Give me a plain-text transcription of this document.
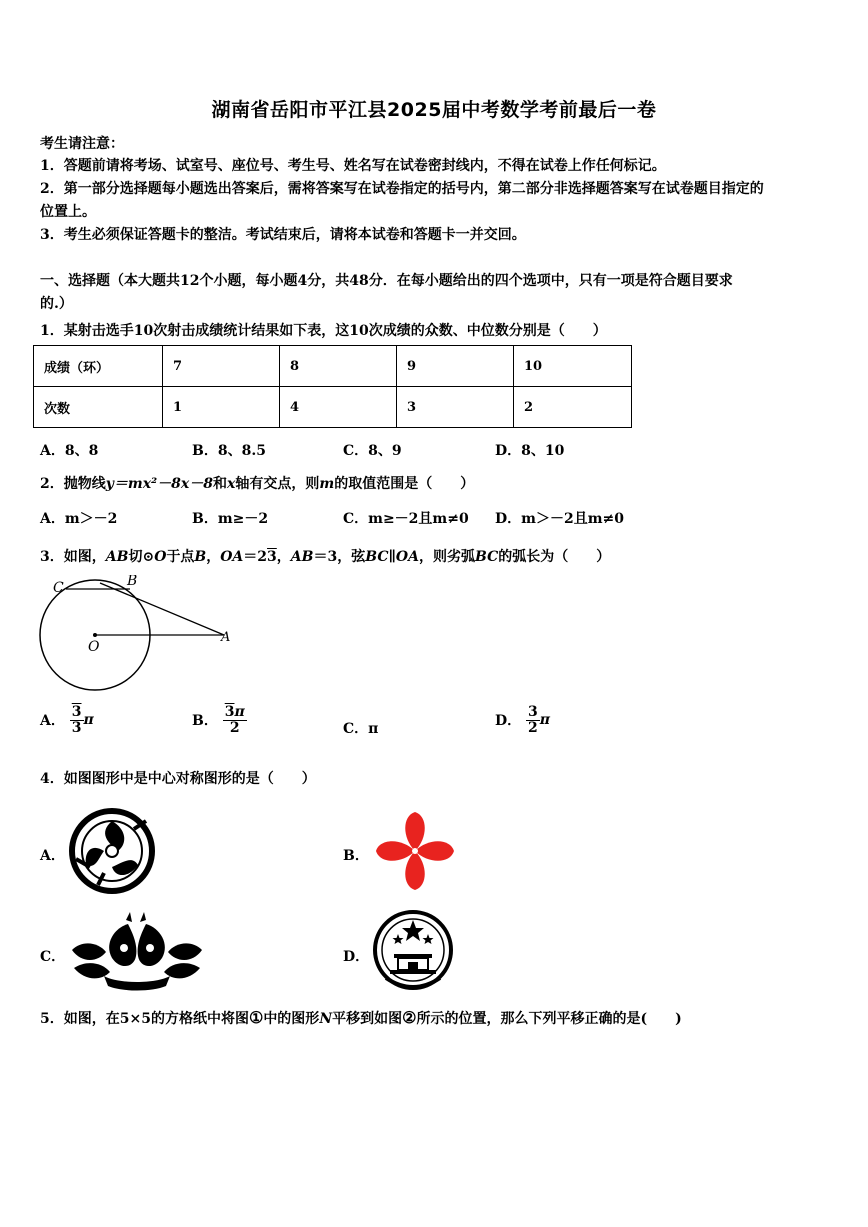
湖南省岳阳市平江县2025届中考数学考前最后一卷
考生请注意：
1．答题前请将考场、试室号、座位号、考生号、姓名写在试卷密封线内，不得在试卷上作任何标记。
2．第一部分选择题每小题选出答案后，需将答案写在试卷指定的括号内，第二部分非选择题答案写在试卷题目指定的
位置上。
3．考生必须保证答题卡的整洁。考试结束后，请将本试卷和答题卡一并交回。
一、选择题（本大题共12个小题，每小题4分，共48分．在每小题给出的四个选项中，只有一项是符合题目要求
的.）
1．某射击选手10次射击成绩统计结果如下表，这10次成绩的众数、中位数分别是（　　）
成绩（环）	7	8	9	10
次数	1	4	3	2
A．8、8	B．8、8.5	C．8、9	D．8、10
2．抛物线y＝mx²－8x－8和x轴有交点，则m的取值范围是（　　）
A．m＞－2	B．m≥－2	C．m≥－2且m≠0 D．m＞－2且m≠0
3．如图，AB切⊙O于点B，OA＝23，AB＝3，弦BC∥OA，则劣弧BC的弧长为（　　）
C	B
O
A
A． $\frac{3}{3}$ π	B． $\frac{3\pi}{2}$	C．π	D． $\frac{3}{2}$ π
4．如图图形中是中心对称图形的是（　　）
A．	B．
C．	D．
5．如图，在5×5的方格纸中将图①中的图形N平移到如图②所示的位置，那么下列平移正确的是(　　)
